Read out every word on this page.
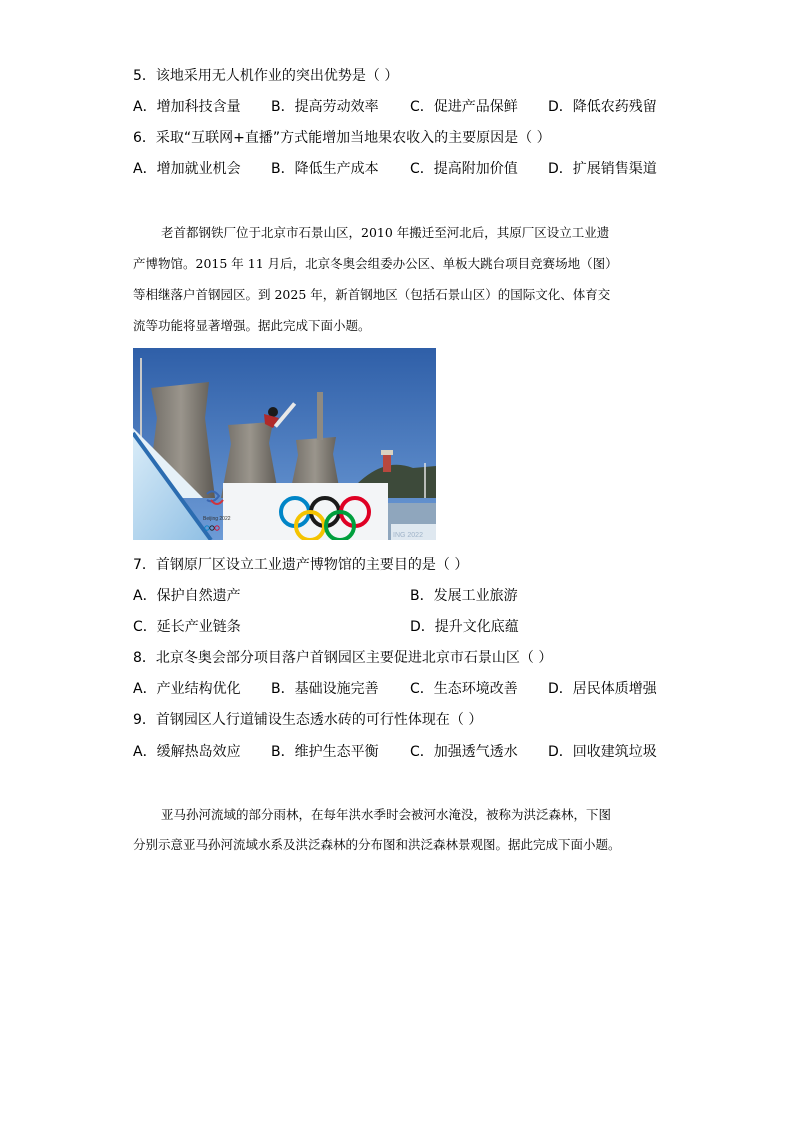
5．该地采用无人机作业的突出优势是（ ）
A．增加科技含量 B．提高劳动效率 C．促进产品保鲜 D．降低农药残留
6．采取“互联网+直播”方式能增加当地果农收入的主要原因是（ ）
A．增加就业机会 B．降低生产成本 C．提高附加价值 D．扩展销售渠道
老首都钢铁厂位于北京市石景山区，2010 年搬迁至河北后，其原厂区设立工业遗
产博物馆。2015 年 11 月后，北京冬奥会组委办公区、单板大跳台项目竞赛场地（图）
等相继落户首钢园区。到 2025 年，新首钢地区（包括石景山区）的国际文化、体育交
流等功能将显著增强。据此完成下面小题。
ING 2022
Beijing 2022
7．首钢原厂区设立工业遗产博物馆的主要目的是（ ）
A．保护自然遗产	B．发展工业旅游
C．延长产业链条	D．提升文化底蕴
8．北京冬奥会部分项目落户首钢园区主要促进北京市石景山区（ ）
A．产业结构优化 B．基础设施完善 C．生态环境改善 D．居民体质增强
9．首钢园区人行道铺设生态透水砖的可行性体现在（ ）
A．缓解热岛效应 B．维护生态平衡 C．加强透气透水 D．回收建筑垃圾
亚马孙河流域的部分雨林，在每年洪水季时会被河水淹没，被称为洪泛森林，下图
分别示意亚马孙河流域水系及洪泛森林的分布图和洪泛森林景观图。据此完成下面小题。
